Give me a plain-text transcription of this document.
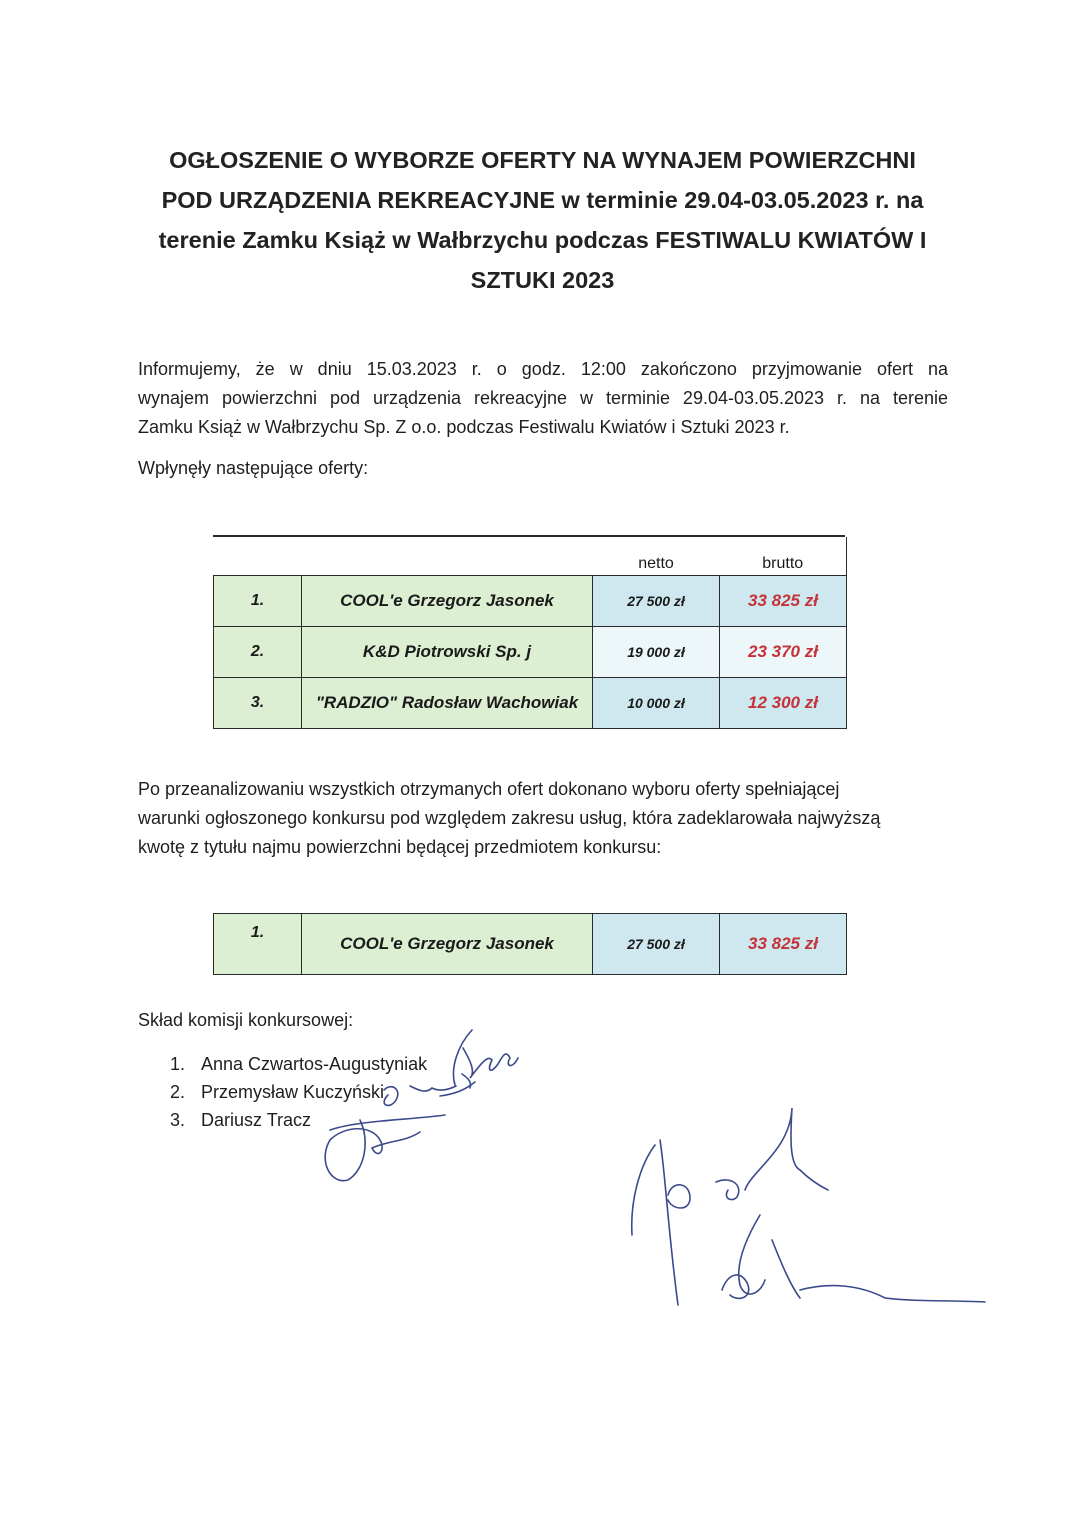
OGŁOSZENIE O WYBORZE OFERTY NA WYNAJEM POWIERZCHNI
POD URZĄDZENIA REKREACYJNE w terminie 29.04-03.05.2023 r. na
terenie Zamku Książ w Wałbrzychu podczas FESTIWALU KWIATÓW I
SZTUKI 2023
Informujemy, że w dniu 15.03.2023 r. o godz. 12:00 zakończono przyjmowanie ofert na
wynajem powierzchni pod urządzenia rekreacyjne w terminie 29.04-03.05.2023 r. na terenie
Zamku Książ w Wałbrzychu Sp. Z o.o. podczas Festiwalu Kwiatów i Sztuki 2023 r.
Wpłynęły następujące oferty:
		netto	brutto
1.	COOL'e Grzegorz Jasonek	27 500 zł	33 825 zł
2.	K&D Piotrowski Sp. j	19 000 zł	23 370 zł
3.	"RADZIO" Radosław Wachowiak	10 000 zł	12 300 zł
Po przeanalizowaniu wszystkich otrzymanych ofert dokonano wyboru oferty spełniającej
warunki ogłoszonego konkursu pod względem zakresu usług, która zadeklarowała najwyższą
kwotę z tytułu najmu powierzchni będącej przedmiotem konkursu:
1.	COOL'e Grzegorz Jasonek	27 500 zł	33 825 zł
Skład komisji konkursowej:
1. Anna Czwartos-Augustyniak
2. Przemysław Kuczyński
3. Dariusz Tracz
